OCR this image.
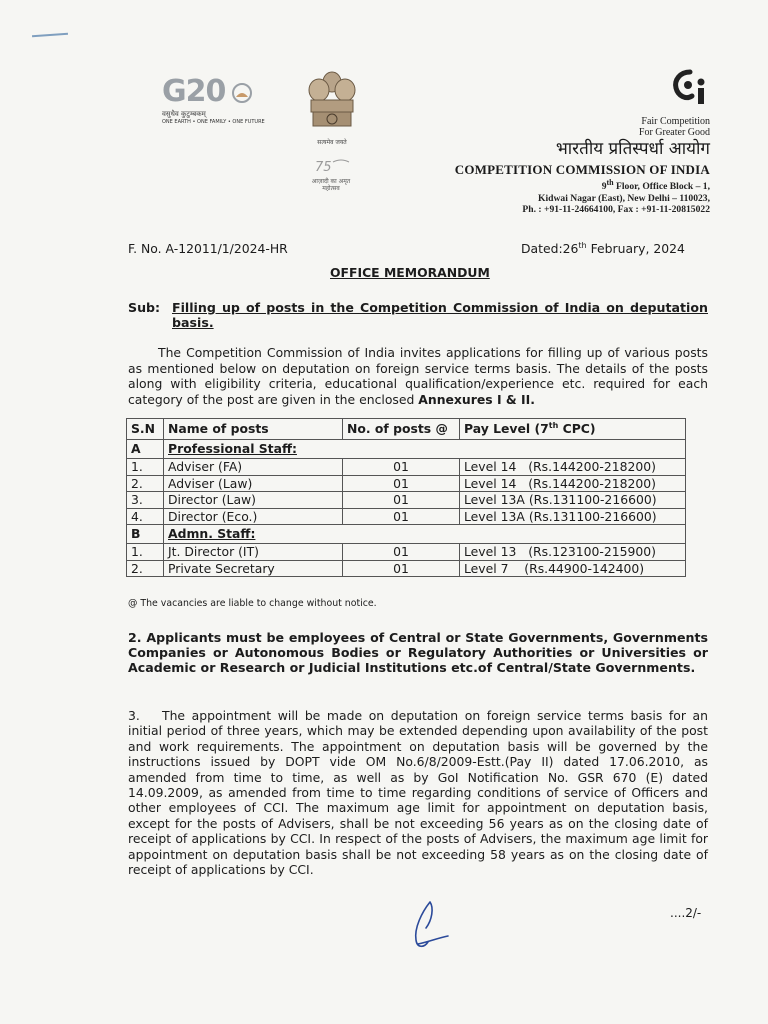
G20
वसुधैव कुटुम्बकम्
ONE EARTH • ONE FAMILY • ONE FUTURE
सत्यमेव जयते
75
आज़ादी का अमृत महोत्सव
Fair Competition
For Greater Good
भारतीय प्रतिस्पर्धा आयोग
COMPETITION COMMISSION OF INDIA
9th Floor, Office Block – 1,
Kidwai Nagar (East), New Delhi – 110023,
Ph. : +91-11-24664100, Fax : +91-11-20815022
F. No. A-12011/1/2024-HR	Dated:26th February, 2024
OFFICE MEMORANDUM
Sub: Filling up of posts in the Competition Commission of India on deputation basis.
The Competition Commission of India invites applications for filling up of various posts as mentioned below on deputation on foreign service terms basis. The details of the posts along with eligibility criteria, educational qualification/experience etc. required for each category of the post are given in the enclosed Annexures I & II.
S.N	Name of posts	No. of posts @	Pay Level (7th CPC)
A	Professional Staff:		
1.	Adviser (FA)	01	Level 14   (Rs.144200-218200)
2.	Adviser (Law)	01	Level 14   (Rs.144200-218200)
3.	Director (Law)	01	Level 13A (Rs.131100-216600)
4.	Director (Eco.)	01	Level 13A (Rs.131100-216600)
B	Admn. Staff:		
1.	Jt. Director (IT)	01	Level 13   (Rs.123100-215900)
2.	Private Secretary	01	Level 7    (Rs.44900-142400)
@ The vacancies are liable to change without notice.
2. Applicants must be employees of Central or State Governments, Governments Companies or Autonomous Bodies or Regulatory Authorities or Universities or Academic or Research or Judicial Institutions etc.of Central/State Governments.
3. The appointment will be made on deputation on foreign service terms basis for an initial period of three years, which may be extended depending upon availability of the post and work requirements. The appointment on deputation basis will be governed by the instructions issued by DOPT vide OM No.6/8/2009-Estt.(Pay II) dated 17.06.2010, as amended from time to time, as well as by GoI Notification No. GSR 670 (E) dated 14.09.2009, as amended from time to time regarding conditions of service of Officers and other employees of CCI. The maximum age limit for appointment on deputation basis, except for the posts of Advisers, shall be not exceeding 56 years as on the closing date of receipt of applications by CCI. In respect of the posts of Advisers, the maximum age limit for appointment on deputation basis shall be not exceeding 58 years as on the closing date of receipt of applications by CCI.
....2/-
